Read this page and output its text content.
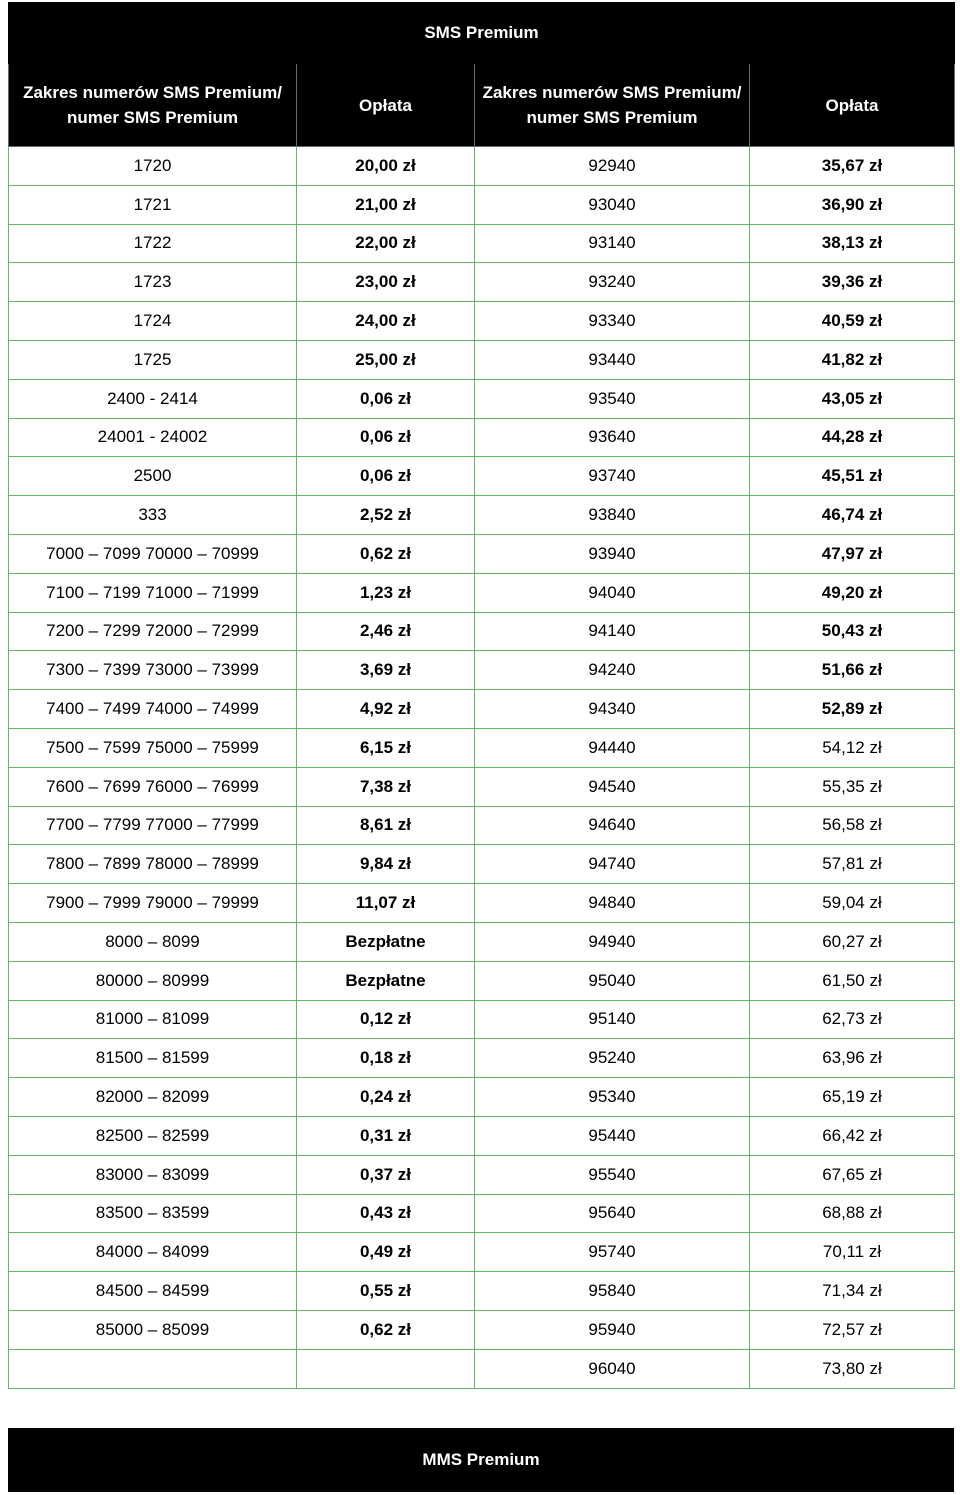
SMS Premium			
Zakres numerów SMS Premium/ numer SMS Premium	Opłata	Zakres numerów SMS Premium/ numer SMS Premium	Opłata
1720	20,00 zł	92940	35,67 zł
1721	21,00 zł	93040	36,90 zł
1722	22,00 zł	93140	38,13 zł
1723	23,00 zł	93240	39,36 zł
1724	24,00 zł	93340	40,59 zł
1725	25,00 zł	93440	41,82 zł
2400 - 2414	0,06 zł	93540	43,05 zł
24001 - 24002	0,06 zł	93640	44,28 zł
2500	0,06 zł	93740	45,51 zł
333	2,52 zł	93840	46,74 zł
7000 – 7099 70000 – 70999	0,62 zł	93940	47,97 zł
7100 – 7199 71000 – 71999	1,23 zł	94040	49,20 zł
7200 – 7299 72000 – 72999	2,46 zł	94140	50,43 zł
7300 – 7399 73000 – 73999	3,69 zł	94240	51,66 zł
7400 – 7499 74000 – 74999	4,92 zł	94340	52,89 zł
7500 – 7599 75000 – 75999	6,15 zł	94440	54,12 zł
7600 – 7699 76000 – 76999	7,38 zł	94540	55,35 zł
7700 – 7799 77000 – 77999	8,61 zł	94640	56,58 zł
7800 – 7899 78000 – 78999	9,84 zł	94740	57,81 zł
7900 – 7999 79000 – 79999	11,07 zł	94840	59,04 zł
8000 – 8099	Bezpłatne	94940	60,27 zł
80000 – 80999	Bezpłatne	95040	61,50 zł
81000 – 81099	0,12 zł	95140	62,73 zł
81500 – 81599	0,18 zł	95240	63,96 zł
82000 – 82099	0,24 zł	95340	65,19 zł
82500 – 82599	0,31 zł	95440	66,42 zł
83000 – 83099	0,37 zł	95540	67,65 zł
83500 – 83599	0,43 zł	95640	68,88 zł
84000 – 84099	0,49 zł	95740	70,11 zł
84500 – 84599	0,55 zł	95840	71,34 zł
85000 – 85099	0,62 zł	95940	72,57 zł
		96040	73,80 zł
MMS Premium
